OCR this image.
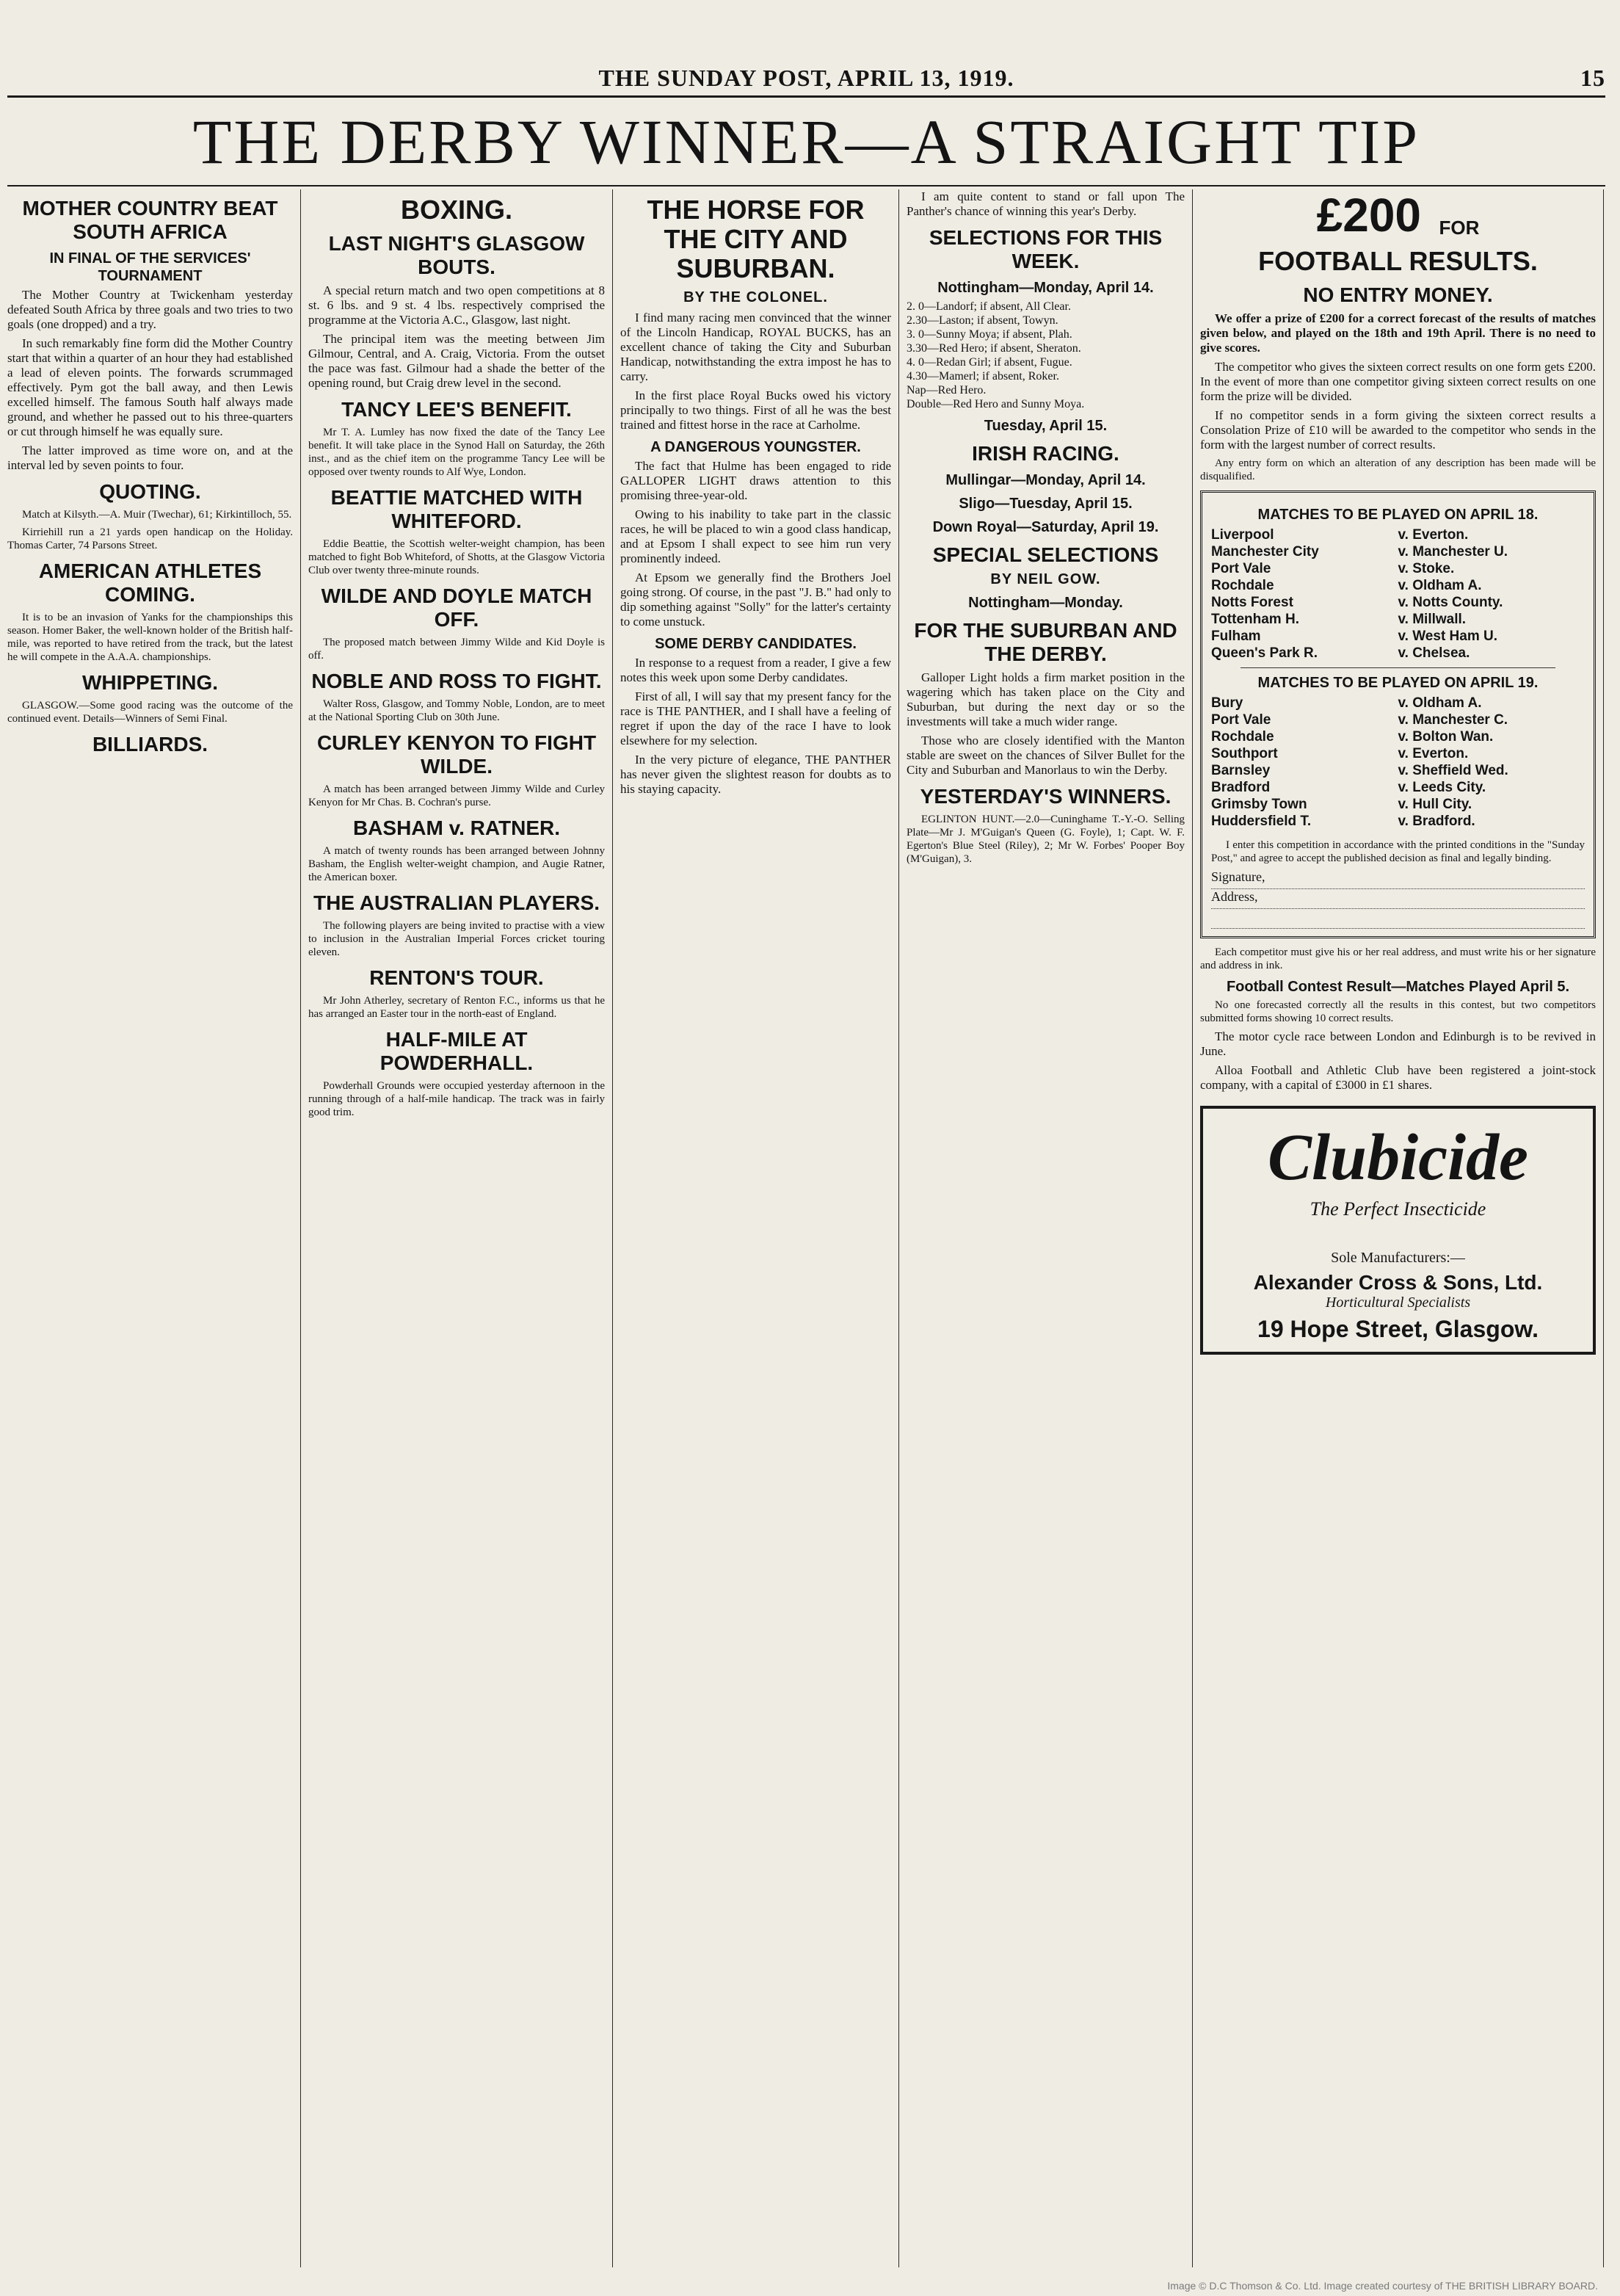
THE SUNDAY POST, APRIL 13, 1919.	15
THE DERBY WINNER—A STRAIGHT TIP
MOTHER COUNTRY BEAT SOUTH AFRICA
IN FINAL OF THE SERVICES' TOURNAMENT

The Mother Country at Twickenham yesterday defeated South Africa by three goals and two tries to two goals (one dropped) and a try.

In such remarkably fine form did the Mother Country start that within a quarter of an hour they had established a lead of eleven points. The forwards scrummaged effectively. Pym got the ball away, and then Lewis excelled himself. The famous South half always made ground, and whether he passed out to his three-quarters or cut through himself he was equally sure.

The latter improved as time wore on, and at the interval led by seven points to four.

QUOTING.

Match at Kilsyth.—A. Muir (Twechar), 61; Kirkintilloch, 55.

Kirriehill run a 21 yards open handicap on the Holiday. Thomas Carter, 74 Parsons Street.

AMERICAN ATHLETES COMING.

It is to be an invasion of Yanks for the championships this season. Homer Baker, the well-known holder of the British half-mile, was reported to have retired from the track, but the latest he will compete in the A.A.A. championships.

WHIPPETING.

GLASGOW.—Some good racing was the outcome of the continued event. Details—Winners of Semi Final.

BILLIARDS.
BOXING.
LAST NIGHT'S GLASGOW BOUTS.

A special return match and two open competitions at 8 st. 6 lbs. and 9 st. 4 lbs. respectively comprised the programme at the Victoria A.C., Glasgow, last night.

The principal item was the meeting between Jim Gilmour, Central, and A. Craig, Victoria. From the outset the pace was fast. Gilmour had a shade the better of the opening round, but Craig drew level in the second.

TANCY LEE'S BENEFIT.

Mr T. A. Lumley has now fixed the date of the Tancy Lee benefit. It will take place in the Synod Hall on Saturday, the 26th inst., and as the chief item on the programme Tancy Lee will be opposed over twenty rounds to Alf Wye, London.

BEATTIE MATCHED WITH WHITEFORD.

Eddie Beattie, the Scottish welter-weight champion, has been matched to fight Bob Whiteford, of Shotts, at the Glasgow Victoria Club over twenty three-minute rounds.

WILDE AND DOYLE MATCH OFF.

The proposed match between Jimmy Wilde and Kid Doyle is off.

NOBLE AND ROSS TO FIGHT.

Walter Ross, Glasgow, and Tommy Noble, London, are to meet at the National Sporting Club on 30th June.

CURLEY KENYON TO FIGHT WILDE.

A match has been arranged between Jimmy Wilde and Curley Kenyon for Mr Chas. B. Cochran's purse.

BASHAM v. RATNER.

A match of twenty rounds has been arranged between Johnny Basham, the English welter-weight champion, and Augie Ratner, the American boxer.

THE AUSTRALIAN PLAYERS.

The following players are being invited to practise with a view to inclusion in the Australian Imperial Forces cricket touring eleven.

RENTON'S TOUR.

Mr John Atherley, secretary of Renton F.C., informs us that he has arranged an Easter tour in the north-east of England.

HALF-MILE AT POWDERHALL.

Powderhall Grounds were occupied yesterday afternoon in the running through of a half-mile handicap. The track was in fairly good trim.

THE HORSE FOR THE CITY AND SUBURBAN.
BY THE COLONEL.

I find many racing men convinced that the winner of the Lincoln Handicap, ROYAL BUCKS, has an excellent chance of taking the City and Suburban Handicap, notwithstanding the extra impost he has to carry.

In the first place Royal Bucks owed his victory principally to two things. First of all he was the best trained and fittest horse in the race at Carholme.

A DANGEROUS YOUNGSTER.

The fact that Hulme has been engaged to ride GALLOPER LIGHT draws attention to this promising three-year-old.

Owing to his inability to take part in the classic races, he will be placed to win a good class handicap, and at Epsom I shall expect to see him run very prominently indeed.

At Epsom we generally find the Brothers Joel going strong. Of course, in the past "J. B." had only to dip something against "Solly" for the latter's certainty to come unstuck.

SOME DERBY CANDIDATES.

In response to a request from a reader, I give a few notes this week upon some Derby candidates.

First of all, I will say that my present fancy for the race is THE PANTHER, and I shall have a feeling of regret if upon the day of the race I have to look elsewhere for my selection.

In the very picture of elegance, THE PANTHER has never given the slightest reason for doubts as to his staying capacity.

I am quite content to stand or fall upon The Panther's chance of winning this year's Derby.

SELECTIONS FOR THIS WEEK.
Nottingham—Monday, April 14.
2. 0—Landorf; if absent, All Clear.
2.30—Laston; if absent, Towyn.
3. 0—Sunny Moya; if absent, Plah.
3.30—Red Hero; if absent, Sheraton.
4. 0—Redan Girl; if absent, Fugue.
4.30—Mamerl; if absent, Roker.
Nap—Red Hero.
Double—Red Hero and Sunny Moya.
Tuesday, April 15.
IRISH RACING.
Mullingar—Monday, April 14.
Sligo—Tuesday, April 15.
Down Royal—Saturday, April 19.
SPECIAL SELECTIONS
BY NEIL GOW.
Nottingham—Monday.
FOR THE SUBURBAN AND THE DERBY.

Galloper Light holds a firm market position in the wagering which has taken place on the City and Suburban, but during the next day or so the investments will take a much wider range.

Those who are closely identified with the Manton stable are sweet on the chances of Silver Bullet for the City and Suburban and Manorlaus to win the Derby.

YESTERDAY'S WINNERS.

EGLINTON HUNT.—2.0—Cuninghame T.-Y.-O. Selling Plate—Mr J. M'Guigan's Queen (G. Foyle), 1; Capt. W. F. Egerton's Blue Steel (Riley), 2; Mr W. Forbes' Pooper Boy (M'Guigan), 3.

£200 FOR
FOOTBALL RESULTS.
NO ENTRY MONEY.

We offer a prize of £200 for a correct forecast of the results of matches given below, and played on the 18th and 19th April. There is no need to give scores.

The competitor who gives the sixteen correct results on one form gets £200. In the event of more than one competitor giving sixteen correct results on one form the prize will be divided.

If no competitor sends in a form giving the sixteen correct results a Consolation Prize of £10 will be awarded to the competitor who sends in the form with the largest number of correct results.

Any entry form on which an alteration of any description has been made will be disqualified.

MATCHES TO BE PLAYED ON APRIL 18.
Liverpool	v. Everton.
Manchester City	v. Manchester U.
Port Vale	v. Stoke.
Rochdale	v. Oldham A.
Notts Forest	v. Notts County.
Tottenham H.	v. Millwall.
Fulham	v. West Ham U.
Queen's Park R.	v. Chelsea.
MATCHES TO BE PLAYED ON APRIL 19.
Bury	v. Oldham A.
Port Vale	v. Manchester C.
Rochdale	v. Bolton Wan.
Southport	v. Everton.
Barnsley	v. Sheffield Wed.
Bradford	v. Leeds City.
Grimsby Town	v. Hull City.
Huddersfield T.	v. Bradford.

I enter this competition in accordance with the printed conditions in the "Sunday Post," and agree to accept the published decision as final and legally binding.

Signature,
Address,

Each competitor must give his or her real address, and must write his or her signature and address in ink.

Football Contest Result—Matches Played April 5.

No one forecasted correctly all the results in this contest, but two competitors submitted forms showing 10 correct results.

The motor cycle race between London and Edinburgh is to be revived in June.

Alloa Football and Athletic Club have been registered a joint-stock company, with a capital of £3000 in £1 shares.

Clubicide
The Perfect Insecticide
Sole Manufacturers:—
Alexander Cross & Sons, Ltd.
Horticultural Specialists
19 Hope Street, Glasgow.
Image © D.C Thomson & Co. Ltd. Image created courtesy of THE BRITISH LIBRARY BOARD.
